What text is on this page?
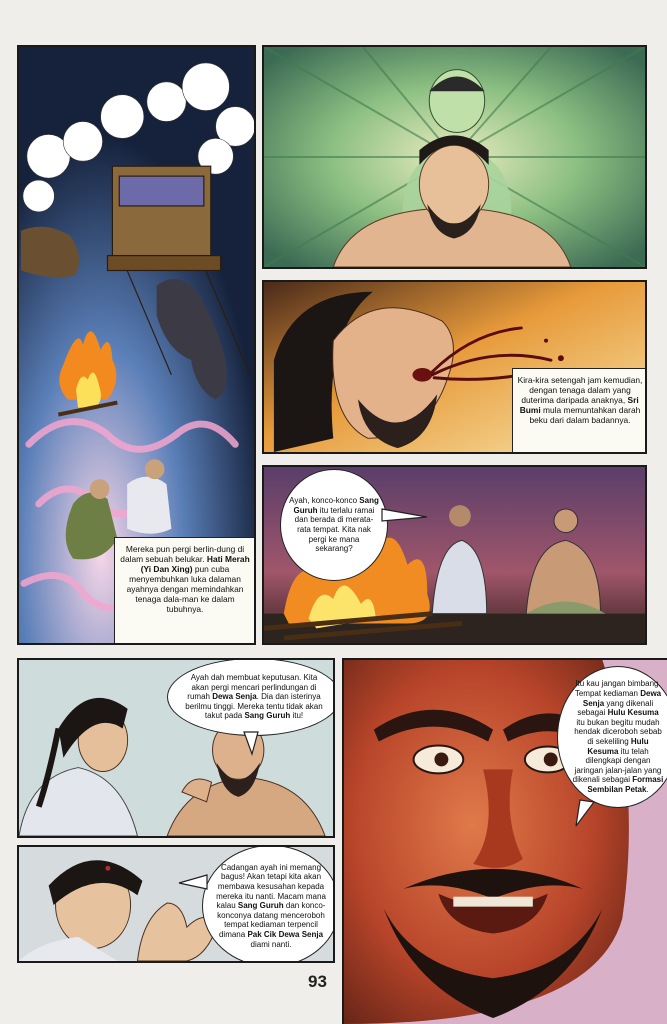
Mereka pun pergi berlin-dung di dalam sebuah belukar. Hati Merah (Yi Dan Xing) pun cuba menyembuhkan luka dalaman ayahnya dengan memindahkan tenaga dala-man ke dalam tubuhnya.
Kira-kira setengah jam kemudian, dengan tenaga dalam yang duterima daripada anaknya, Sri Bumi mula memuntahkan darah beku dari dalam badannya.
Ayah, konco-konco Sang Guruh itu terlalu ramai dan berada di merata-rata tempat. Kita nak pergi ke mana sekarang?
Ayah dah membuat keputusan. Kita akan pergi mencari perlindungan di rumah Dewa Senja. Dia dan isterinya berilmu tinggi. Mereka tentu tidak akan takut pada Sang Guruh itu!
Cadangan ayah ini memang bagus! Akan tetapi kita akan membawa kesusahan kepada mereka itu nanti. Macam mana kalau Sang Guruh dan konco-konconya datang menceroboh tempat kediaman terpencil dimana Pak Cik Dewa Senja diami nanti.
Itu kau jangan bimbang. Tempat kediaman Dewa Senja yang dikenali sebagai Hulu Kesuma itu bukan begitu mudah hendak diceroboh sebab di sekeliling Hulu Kesuma itu telah dilengkapi dengan jaringan jalan-jalan yang dikenali sebagai Formasi Sembilan Petak.
93
